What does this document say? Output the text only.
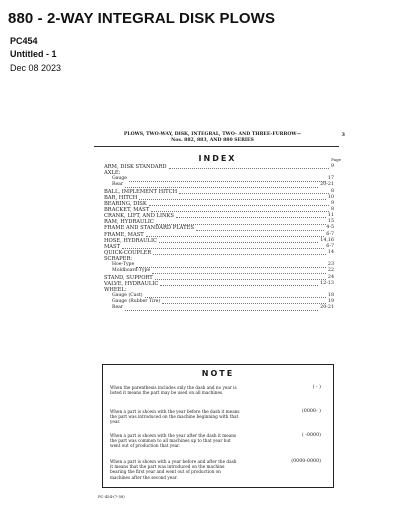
880 - 2-WAY INTEGRAL DISK PLOWS
PC454
Untitled - 1
Dec 08 2023
PLOWS, TWO-WAY, DISK, INTEGRAL, TWO- AND THREE-FURROW—
Nos. 882, 883, AND 880 SERIES
3
INDEX	Page
ARM, DISK STANDARD	9
AXLE:
Gauge	17
Rear	20-21
BALL, IMPLEMENT HITCH	8
BAR, HITCH	10
BEARING, DISK	9
BRACKET, MAST	8
CRANK, LIFT, AND LINKS	11
RAM, HYDRAULIC	15
FRAME AND STANDARD PLATES	4-5
FRAME, MAST	6-7
HOSE, HYDRAULIC	14,16
MAST	6-7
QUICK-COUPLER	14
SCRAPER:
Hoe-Type	23
Moldboard-Type	22
STAND, SUPPORT	24
VALVE, HYDRAULIC	12-13
WHEEL:
Gauge (Cast)	18
Gauge (Rubber Tire)	19
Rear	20-21
NOTE
When the parenthesis includes only the dash and no year is listed it means the part may be used on all machines.
( - )
When a part is shown with the year before the dash it means the part was introduced on the machine beginning with that year.
(0000- )
When a part is shown with the year after the dash it means the part was common to all machines up to that year but went out of production that year.
( -0000)
When a part is shown with a year before and after the dash it means that the part was introduced on the machine bearing the first year and went out of production on machines after the second year.
(0000-0000)
PC-454-(7-58)
